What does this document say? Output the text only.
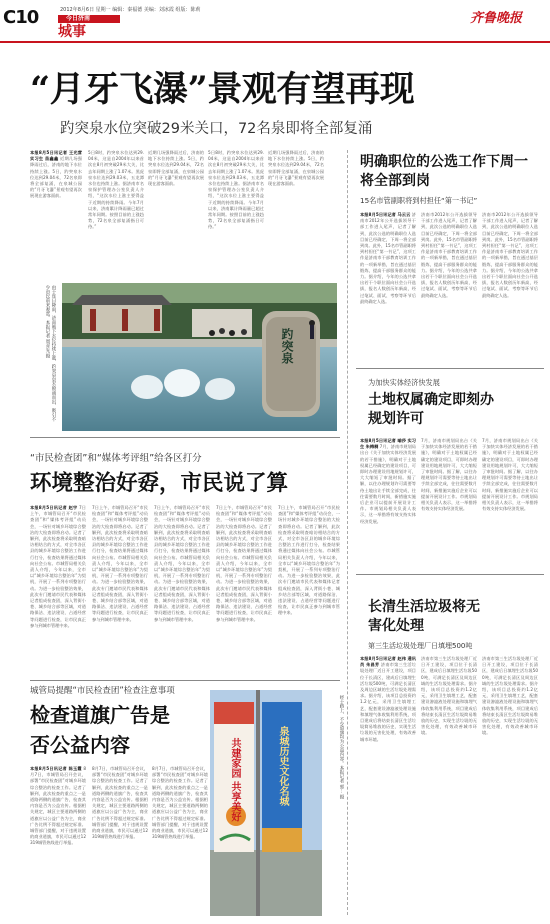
C10	2012年8月6日 星期一 编辑：秦福德 美编：刘冰霞 组版：陈莉
今日济南
城事
齐鲁晚报
“月牙飞瀑”景观有望再现
趵突泉水位突破29米关口，72名泉即将全部复涌
本报8月5日讯记者 王光营 实习生 苗鑫鑫 近期几场强降雨过后，济南的地下水位持续上涨。5日，趵突泉水位达到29.04米，72名泉即将全部复涌，在泉城公园的“月牙飞瀑”景观有望再次展现在游客面前。
5日8时，趵突泉水位达到29.04米，这是自2004年以来首次在8月初突破29米大关，比去年同期上涨了1.07米。黑虎泉水位达到29.03米，五龙潭水位也持续上涨。据济南市名泉保护管理办公室负责人介绍，“这次水位上涨主要得益于近期的持续降雨。今年7月以来，济南累计降雨量已超过常年同期。按照目前的上涨趋势，72名泉全部复涌指日可待。”
近期几场强降雨过后，济南的地下水位持续上涨。5日，趵突泉水位达到29.04米，72名泉即将全部复涌，在泉城公园的“月牙飞瀑”景观有望再次展现在游客面前。
5日8时，趵突泉水位达到29.04米，这是自2004年以来首次在8月初突破29米大关，比去年同期上涨了1.07米。黑虎泉水位达到29.03米，五龙潭水位也持续上涨。据济南市名泉保护管理办公室负责人介绍，“这次水位上涨主要得益于近期的持续降雨。今年7月以来，济南累计降雨量已超过常年同期。按照目前的上涨趋势，72名泉全部复涌指日可待。”
近期几场强降雨过后，济南的地下水位持续上涨。5日，趵突泉水位达到29.04米，72名泉即将全部复涌，在泉城公园的“月牙飞瀑”景观有望再次展现在游客面前。
趵突泉
由于连日降雨，济南地下水位持续上涨，趵突泉泉水喷涌而出，吸引不少市民前来观赏。本报记者 周青先 摄
明确职位的公选工作下周一将全部到岗
15名市管副职将到村担任“第一书记”
本报8月5日讯记者 马云云 济南市2012年公开选拔领导干部工作进入尾声，记者了解到，此次公选的明确职位人选目前已经确定，下周一将全部到岗。此外，15名市管副职将到村担任“第一书记”，这项工作是济南市干部教育培训工作的一项新举措，旨在通过基层锻炼，提高干部服务群众的能力。据介绍，今年的公选共拿出若干个职位面向社会公开选拔，报名人数创历年新高，经过笔试、面试、考察等环节后最终确定人选。
济南市2012年公开选拔领导干部工作进入尾声，记者了解到，此次公选的明确职位人选目前已经确定，下周一将全部到岗。此外，15名市管副职将到村担任“第一书记”，这项工作是济南市干部教育培训工作的一项新举措，旨在通过基层锻炼，提高干部服务群众的能力。据介绍，今年的公选共拿出若干个职位面向社会公开选拔，报名人数创历年新高，经过笔试、面试、考察等环节后最终确定人选。
济南市2012年公开选拔领导干部工作进入尾声，记者了解到，此次公选的明确职位人选目前已经确定，下周一将全部到岗。此外，15名市管副职将到村担任“第一书记”，这项工作是济南市干部教育培训工作的一项新举措，旨在通过基层锻炼，提高干部服务群众的能力。据介绍，今年的公选共拿出若干个职位面向社会公开选拔，报名人数创历年新高，经过笔试、面试、考察等环节后最终确定人选。
为加快实体经济快发展
土地权属确定即刻办规划许可
本报8月5日讯记者 喻莎 实习生 朱梅桐 7月，济南市规划局出台《关于加快实体经济发展的若干措施》，明确对于土地权属已经确定的建设项目，可即时办理建设用地规划许可，大大缩短了审批时间。据了解，以往办理规划许可需要等待土地出让手续全部完成，往往需要数月时间，新措施实施后企业可以提前开展设计工作。市规划局相关负责人表示，这一举措将有效支持实体经济发展。
7月，济南市规划局出台《关于加快实体经济发展的若干措施》，明确对于土地权属已经确定的建设项目，可即时办理建设用地规划许可，大大缩短了审批时间。据了解，以往办理规划许可需要等待土地出让手续全部完成，往往需要数月时间，新措施实施后企业可以提前开展设计工作。市规划局相关负责人表示，这一举措将有效支持实体经济发展。
7月，济南市规划局出台《关于加快实体经济发展的若干措施》，明确对于土地权属已经确定的建设项目，可即时办理建设用地规划许可，大大缩短了审批时间。据了解，以往办理规划许可需要等待土地出让手续全部完成，往往需要数月时间，新措施实施后企业可以提前开展设计工作。市规划局相关负责人表示，这一举措将有效支持实体经济发展。
长清生活垃圾将无害化处理
第三生活垃圾处理厂日填埋500吨
本报8月5日讯记者 赵伟 通讯员 朱昌芳 济南市第三生活垃圾处理厂近日开工建设，项目位于长清区，建成后日填埋生活垃圾500吨，可满足长清区及周边区域的生活垃圾处理需求。据介绍，该项目总投资约1.2亿元，采用卫生填埋工艺，配套建设渗滤液处理设施和填埋气体收集利用系统，项目建成后将结束长清区生活垃圾简易堆放的历史，实现生活垃圾的无害化处理，有效改善城市环境。
济南市第三生活垃圾处理厂近日开工建设，项目位于长清区，建成后日填埋生活垃圾500吨，可满足长清区及周边区域的生活垃圾处理需求。据介绍，该项目总投资约1.2亿元，采用卫生填埋工艺，配套建设渗滤液处理设施和填埋气体收集利用系统，项目建成后将结束长清区生活垃圾简易堆放的历史，实现生活垃圾的无害化处理，有效改善城市环境。
济南市第三生活垃圾处理厂近日开工建设，项目位于长清区，建成后日填埋生活垃圾500吨，可满足长清区及周边区域的生活垃圾处理需求。据介绍，该项目总投资约1.2亿元，采用卫生填埋工艺，配套建设渗滤液处理设施和填埋气体收集利用系统，项目建成后将结束长清区生活垃圾简易堆放的历史，实现生活垃圾的无害化处理，有效改善城市环境。
“市民检查团”和“媒体考评组”给各区打分
环境整治好孬，市民说了算
本报8月5日讯记者 赵宇 7日上午，市城管局召开“市民检查团”和“媒体考评组”动员会，一场针对城乡环境综合整治的大检查即将启动。记者了解到，此次检查将采取明查暗访相结合的方式，对全市各区县的城乡环境综合整治工作进行打分，检查结果将通过媒体向社会公布。市城管局相关负责人介绍，今年以来，全市以“城乡环境综合整治年”为契机，开展了一系列专项整治行动。为进一步检验整治效果，此次专门邀请市民代表和媒体记者组成检查团，深入背街小巷、城乡结合部等区域，对道路保洁、违法建设、占道经营等问题进行检查，让市民真正参与到城市管理中来。
7日上午，市城管局召开“市民检查团”和“媒体考评组”动员会，一场针对城乡环境综合整治的大检查即将启动。记者了解到，此次检查将采取明查暗访相结合的方式，对全市各区县的城乡环境综合整治工作进行打分，检查结果将通过媒体向社会公布。市城管局相关负责人介绍，今年以来，全市以“城乡环境综合整治年”为契机，开展了一系列专项整治行动。为进一步检验整治效果，此次专门邀请市民代表和媒体记者组成检查团，深入背街小巷、城乡结合部等区域，对道路保洁、违法建设、占道经营等问题进行检查，让市民真正参与到城市管理中来。
7日上午，市城管局召开“市民检查团”和“媒体考评组”动员会，一场针对城乡环境综合整治的大检查即将启动。记者了解到，此次检查将采取明查暗访相结合的方式，对全市各区县的城乡环境综合整治工作进行打分，检查结果将通过媒体向社会公布。市城管局相关负责人介绍，今年以来，全市以“城乡环境综合整治年”为契机，开展了一系列专项整治行动。为进一步检验整治效果，此次专门邀请市民代表和媒体记者组成检查团，深入背街小巷、城乡结合部等区域，对道路保洁、违法建设、占道经营等问题进行检查，让市民真正参与到城市管理中来。
7日上午，市城管局召开“市民检查团”和“媒体考评组”动员会，一场针对城乡环境综合整治的大检查即将启动。记者了解到，此次检查将采取明查暗访相结合的方式，对全市各区县的城乡环境综合整治工作进行打分，检查结果将通过媒体向社会公布。市城管局相关负责人介绍，今年以来，全市以“城乡环境综合整治年”为契机，开展了一系列专项整治行动。为进一步检验整治效果，此次专门邀请市民代表和媒体记者组成检查团，深入背街小巷、城乡结合部等区域，对道路保洁、违法建设、占道经营等问题进行检查，让市民真正参与到城市管理中来。
7日上午，市城管局召开“市民检查团”和“媒体考评组”动员会，一场针对城乡环境综合整治的大检查即将启动。记者了解到，此次检查将采取明查暗访相结合的方式，对全市各区县的城乡环境综合整治工作进行打分，检查结果将通过媒体向社会公布。市城管局相关负责人介绍，今年以来，全市以“城乡环境综合整治年”为契机，开展了一系列专项整治行动。为进一步检验整治效果，此次专门邀请市民代表和媒体记者组成检查团，深入背街小巷、城乡结合部等区域，对道路保洁、违法建设、占道经营等问题进行检查，让市民真正参与到城市管理中来。
城管局提醒“市民检查团”检查注意事项
检查道旗广告是否公益内容
本报8月5日讯记者 陈玉霞 8月7日，市城管局召开会议，部署“市民检查团”对城乡环境综合整治的检查工作。记者了解到，此次检查的重点之一是道路两侧的道旗广告，检查其内容是否为公益宣传。根据相关规定，城区主要道路两侧的道旗应以公益广告为主，商业广告比例不得超过规定标准。城管部门提醒，对于违规设置的商业道旗，市民可以通过12319城管热线进行举报。
8月7日，市城管局召开会议，部署“市民检查团”对城乡环境综合整治的检查工作。记者了解到，此次检查的重点之一是道路两侧的道旗广告，检查其内容是否为公益宣传。根据相关规定，城区主要道路两侧的道旗应以公益广告为主，商业广告比例不得超过规定标准。城管部门提醒，对于违规设置的商业道旗，市民可以通过12319城管热线进行举报。
8月7日，市城管局召开会议，部署“市民检查团”对城乡环境综合整治的检查工作。记者了解到，此次检查的重点之一是道路两侧的道旗广告，检查其内容是否为公益宣传。根据相关规定，城区主要道路两侧的道旗应以公益广告为主，商业广告比例不得超过规定标准。城管部门提醒，对于违规设置的商业道旗，市民可以通过12319城管热线进行举报。
共建家园 共享美好	泉城历史文化名城	经十路上，不少道旗均为公益内容。本报记者 郭... 摄
